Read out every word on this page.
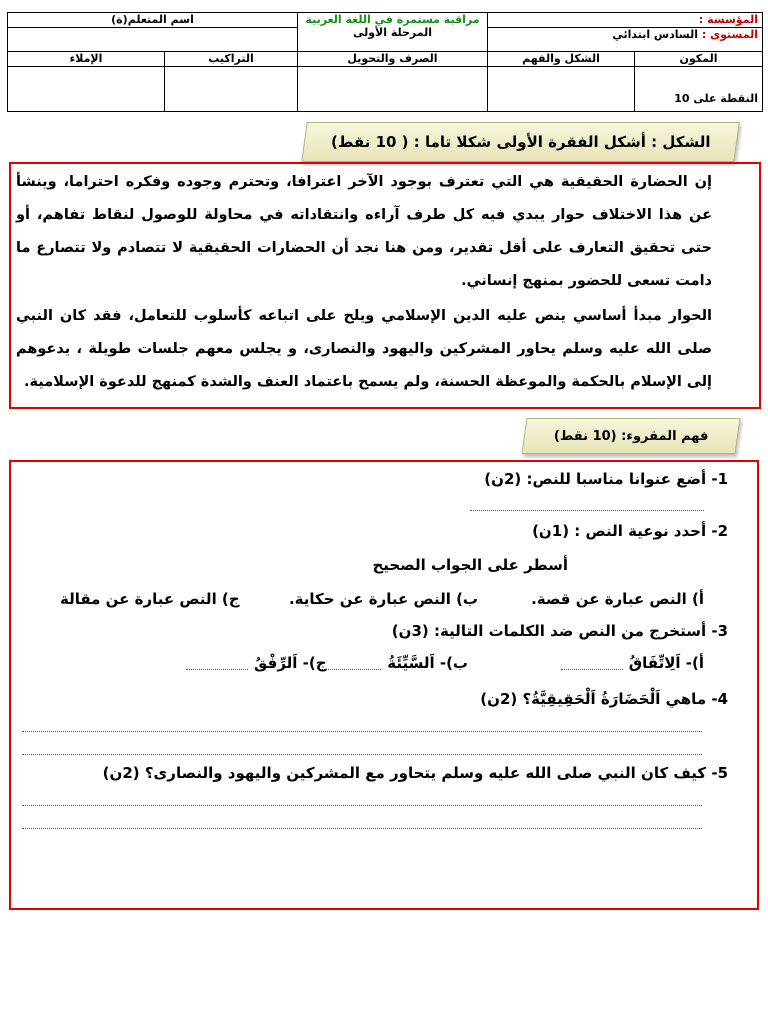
المؤسسة :		مراقبة مستمرة في اللغة العربية
المرحلة الأولى	اسم المتعلم(ة)	
المستوى : السادس ابتدائي				
المكون	الشكل والفهم	الصرف والتحويل	التراكيب	الإملاء
النقطة على 10				
الشكل : أشكل الفقرة الأولى شكلا تاما : ( 10 نقط)
إن الحضارة الحقيقية هي التي تعترف بوجود الآخر اعترافا، وتحترم وجوده وفكره احتراما، وينشأ عن هذا الاختلاف حوار يبدي فيه كل طرف آراءه وانتقاداته في محاولة للوصول لنقاط تفاهم، أو حتى تحقيق التعارف على أقل تقدير، ومن هنا نجد أن الحضارات الحقيقية لا تتصادم ولا تتصارع ما دامت تسعى للحضور بمنهج إنساني.
الحوار مبدأ أساسي ينص عليه الدين الإسلامي ويلح على اتباعه كأسلوب للتعامل، فقد كان النبي صلى الله عليه وسلم يحاور المشركين واليهود والنصارى، و يجلس معهم جلسات طويلة ، يدعوهم إلى الإسلام بالحكمة والموعظة الحسنة، ولم يسمح باعتماد العنف والشدة كمنهج للدعوة الإسلامية.
فهم المقروء: (10 نقط)
1- أضع عنوانا مناسبا للنص: (2ن)
2- أحدد نوعية النص : (1ن)
أسطر على الجواب الصحيح
أ) النص عبارة عن قصة.
ب) النص عبارة عن حكاية.
ج) النص عبارة عن مقالة
3- أستخرج من النص ضد الكلمات التالية: (3ن)
أ)- اَلِاتِّفَاقُ
ب)- اَلسَّيِّئَةُ
ج)- اَلرِّفْقُ
4- ماهي اَلْحَضَارَةُ اَلْحَقِيقِيَّةُ؟ (2ن)
5- كيف كان النبي صلى الله عليه وسلم يتحاور مع المشركين واليهود والنصارى؟ (2ن)
